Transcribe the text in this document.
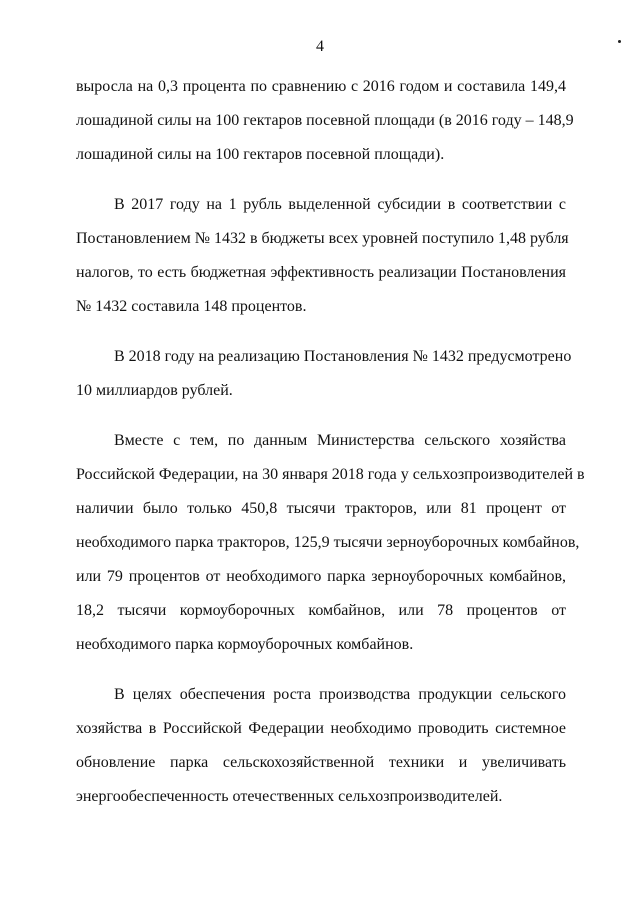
4

выросла на 0,3 процента по сравнению с 2016 годом и составила 149,4
лошадиной силы на 100 гектаров посевной площади (в 2016 году – 148,9
лошадиной силы на 100 гектаров посевной площади).

В 2017 году на 1 рубль выделенной субсидии в соответствии с
Постановлением № 1432 в бюджеты всех уровней поступило 1,48 рубля
налогов, то есть бюджетная эффективность реализации Постановления
№ 1432 составила 148 процентов.

В 2018 году на реализацию Постановления № 1432 предусмотрено
10 миллиардов рублей.

Вместе с тем, по данным Министерства сельского хозяйства
Российской Федерации, на 30 января 2018 года у сельхозпроизводителей в
наличии было только 450,8 тысячи тракторов, или 81 процент от
необходимого парка тракторов, 125,9 тысячи зерноуборочных комбайнов,
или 79 процентов от необходимого парка зерноуборочных комбайнов,
18,2 тысячи кормоуборочных комбайнов, или 78 процентов от
необходимого парка кормоуборочных комбайнов.

В целях обеспечения роста производства продукции сельского
хозяйства в Российской Федерации необходимо проводить системное
обновление парка сельскохозяйственной техники и увеличивать
энергообеспеченность отечественных сельхозпроизводителей.
